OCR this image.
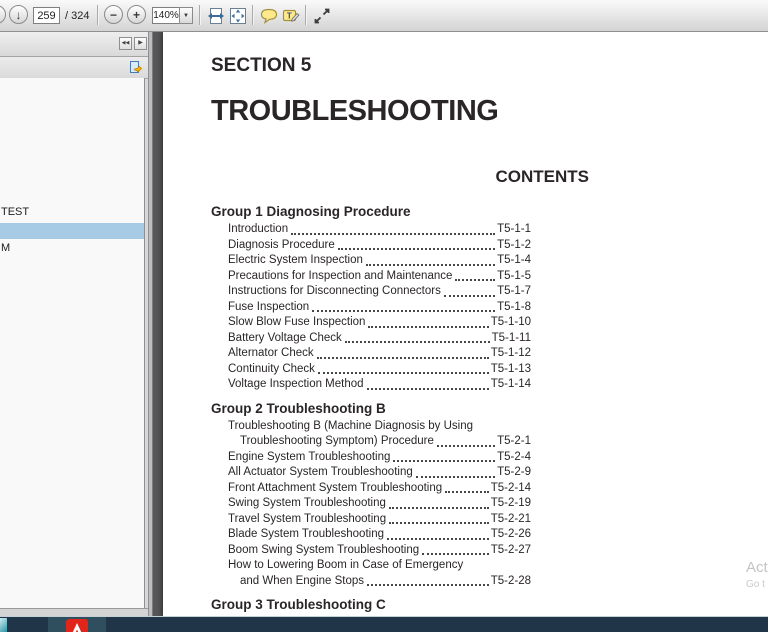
↓
259	/ 324	−	+	140% ▼	T
◀◀	▶
TEST
M
SECTION 5
TROUBLESHOOTING
CONTENTS
Group 1 Diagnosing Procedure
Introduction	T5-1-1
Diagnosis Procedure	T5-1-2
Electric System Inspection	T5-1-4
Precautions for Inspection and Maintenance	T5-1-5
Instructions for Disconnecting Connectors	T5-1-7
Fuse Inspection	T5-1-8
Slow Blow Fuse Inspection	T5-1-10
Battery Voltage Check	T5-1-11
Alternator Check	T5-1-12
Continuity Check	T5-1-13
Voltage Inspection Method	T5-1-14
Group 2 Troubleshooting B
Troubleshooting B (Machine Diagnosis by Using
Troubleshooting Symptom) Procedure	T5-2-1
Engine System Troubleshooting	T5-2-4
All Actuator System Troubleshooting	T5-2-9
Front Attachment System Troubleshooting	T5-2-14
Swing System Troubleshooting	T5-2-19
Travel System Troubleshooting	T5-2-21
Blade System Troubleshooting	T5-2-26
Boom Swing System Troubleshooting	T5-2-27
How to Lowering Boom in Case of Emergency
and When Engine Stops	T5-2-28
Group 3 Troubleshooting C
Act
Go t
